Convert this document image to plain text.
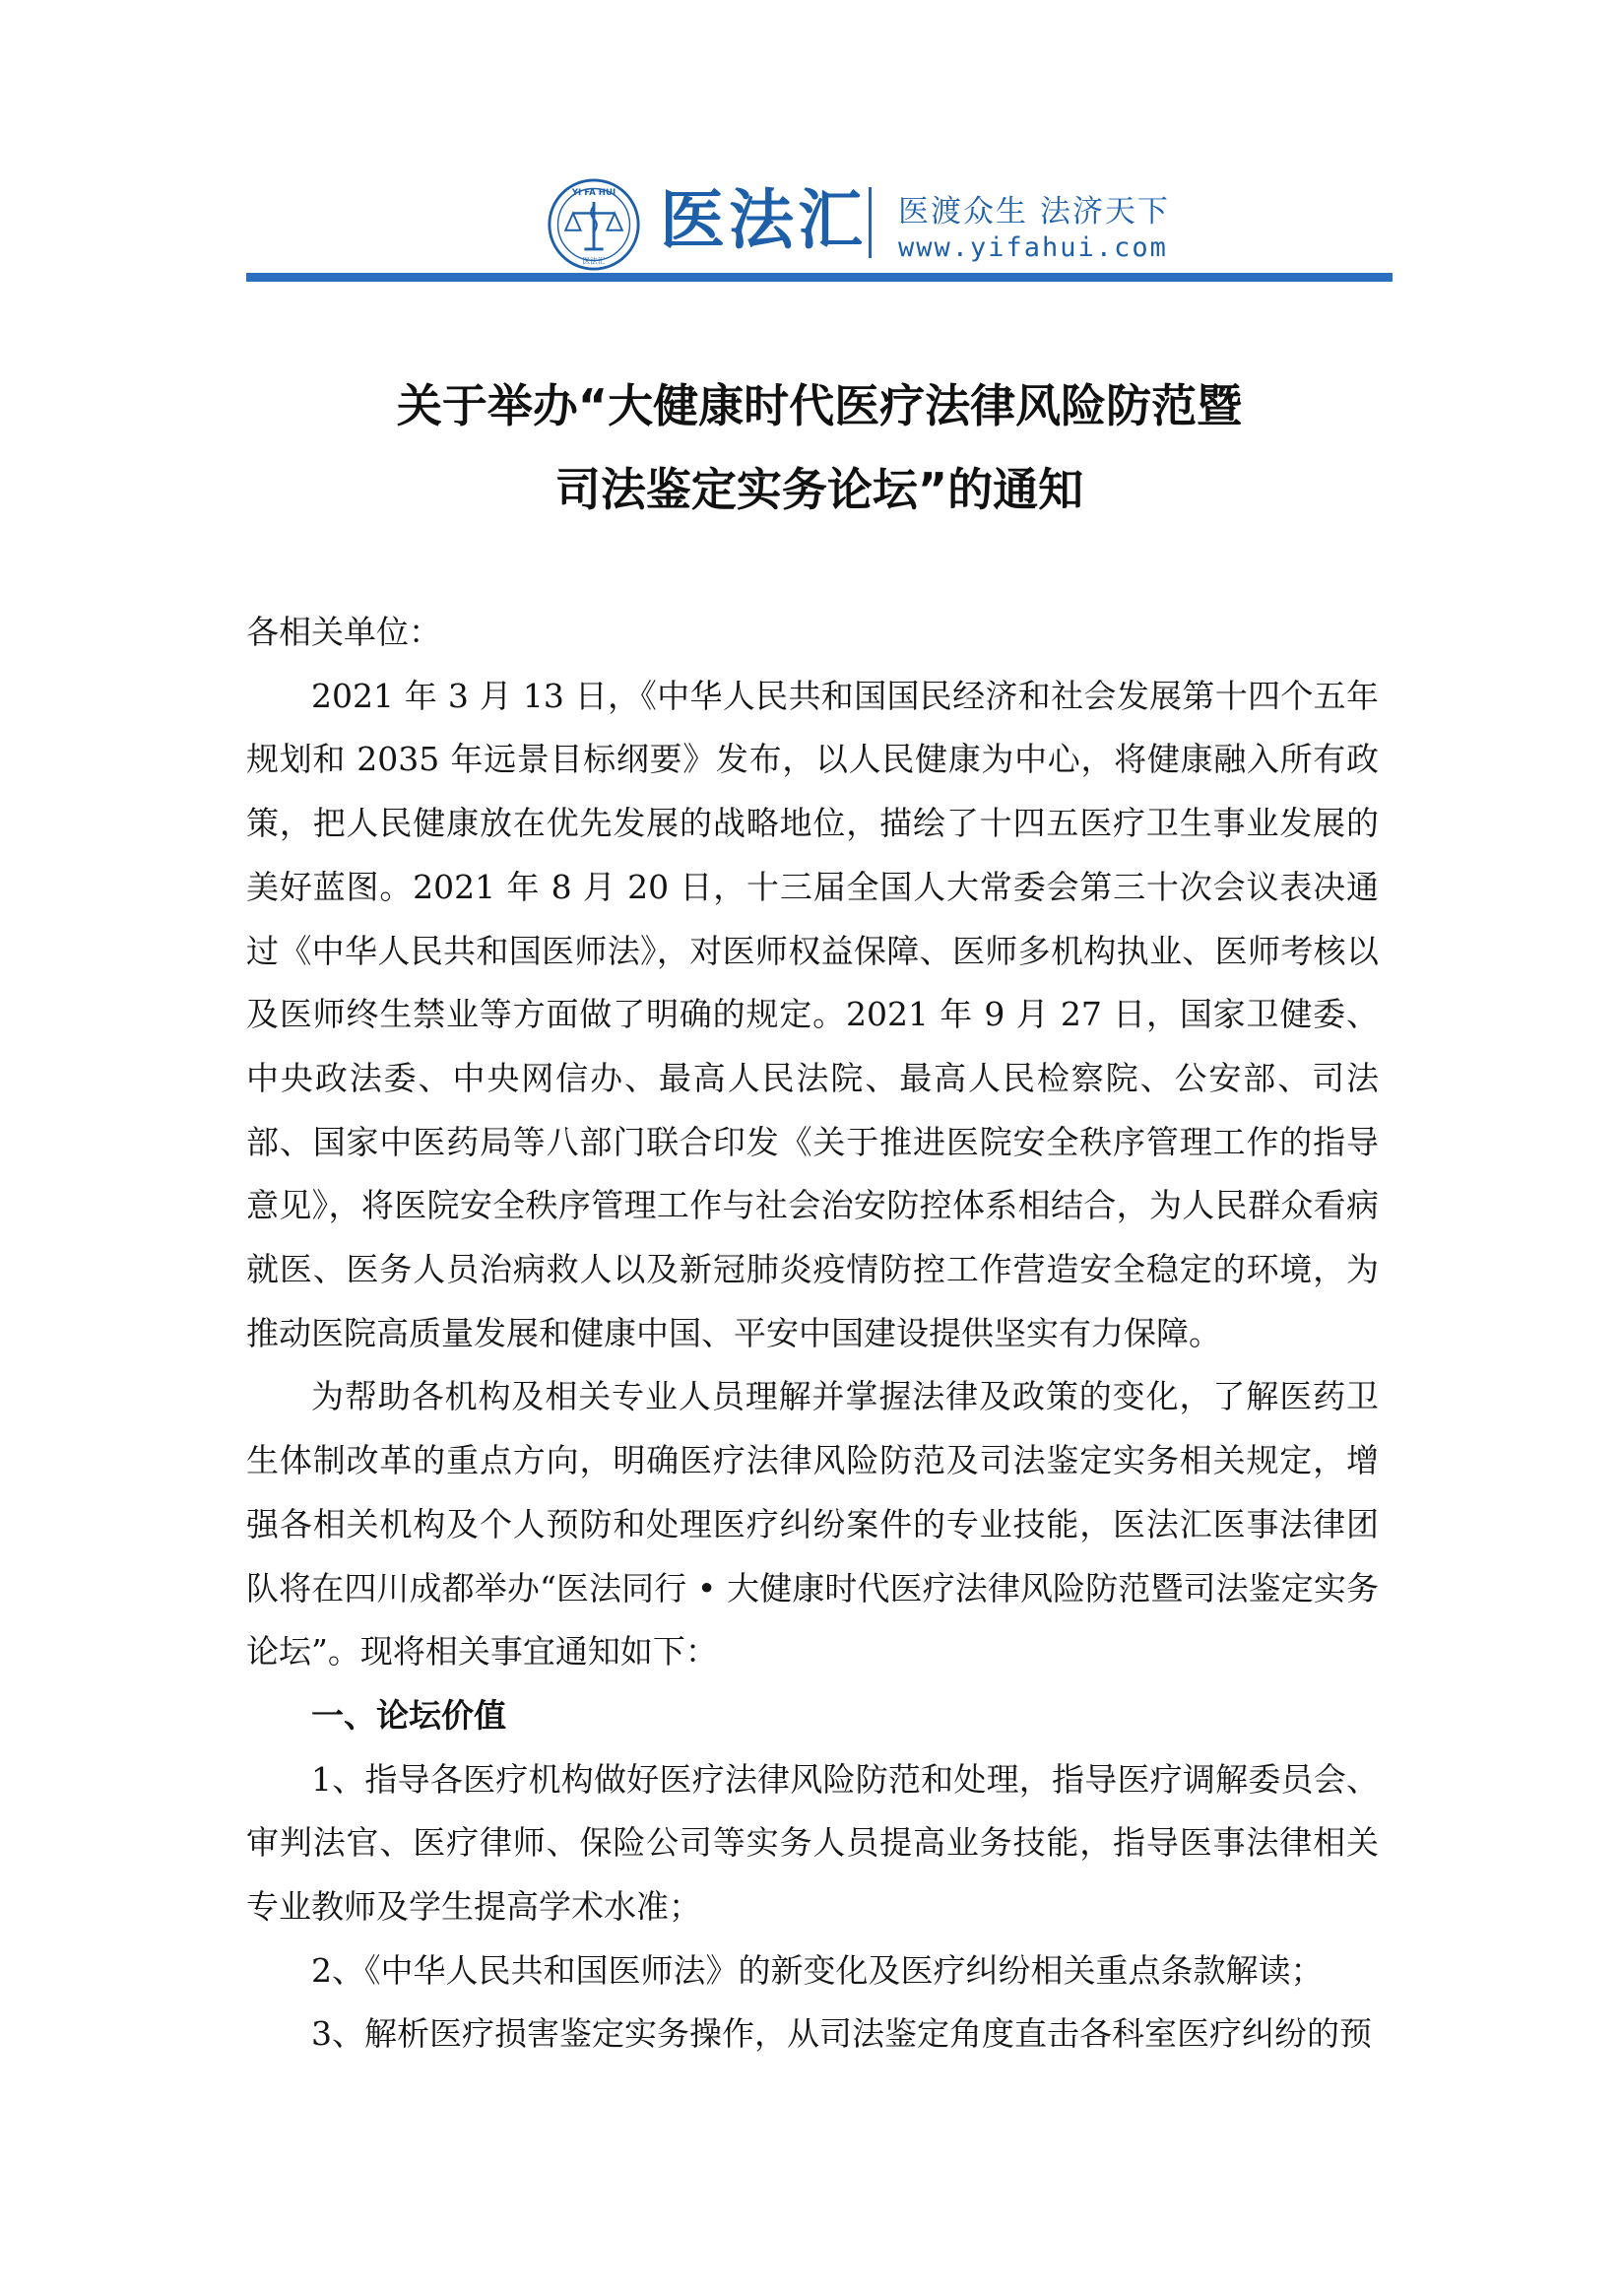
YI FA HUI
医法汇
医法汇 医渡众生 法济天下
www.yifahui.com
关于举办“大健康时代医疗法律风险防范暨
司法鉴定实务论坛”的通知

各相关单位：

2021 年 3 月 13 日，《中华人民共和国国民经济和社会发展第十四个五年规划和 2035 年远景目标纲要》发布，以人民健康为中心，将健康融入所有政策，把人民健康放在优先发展的战略地位，描绘了十四五医疗卫生事业发展的美好蓝图。2021 年 8 月 20 日，十三届全国人大常委会第三十次会议表决通过《中华人民共和国医师法》，对医师权益保障、医师多机构执业、医师考核以及医师终生禁业等方面做了明确的规定。2021 年 9 月 27 日，国家卫健委、中央政法委、中央网信办、最高人民法院、最高人民检察院、公安部、司法部、国家中医药局等八部门联合印发《关于推进医院安全秩序管理工作的指导意见》，将医院安全秩序管理工作与社会治安防控体系相结合，为人民群众看病就医、医务人员治病救人以及新冠肺炎疫情防控工作营造安全稳定的环境，为推动医院高质量发展和健康中国、平安中国建设提供坚实有力保障。

为帮助各机构及相关专业人员理解并掌握法律及政策的变化，了解医药卫生体制改革的重点方向，明确医疗法律风险防范及司法鉴定实务相关规定，增强各相关机构及个人预防和处理医疗纠纷案件的专业技能，医法汇医事法律团队将在四川成都举办“医法同行 • 大健康时代医疗法律风险防范暨司法鉴定实务论坛”。现将相关事宜通知如下：

一、论坛价值

1、指导各医疗机构做好医疗法律风险防范和处理，指导医疗调解委员会、审判法官、医疗律师、保险公司等实务人员提高业务技能，指导医事法律相关专业教师及学生提高学术水准；

2、《中华人民共和国医师法》的新变化及医疗纠纷相关重点条款解读；

3、解析医疗损害鉴定实务操作，从司法鉴定角度直击各科室医疗纠纷的预
